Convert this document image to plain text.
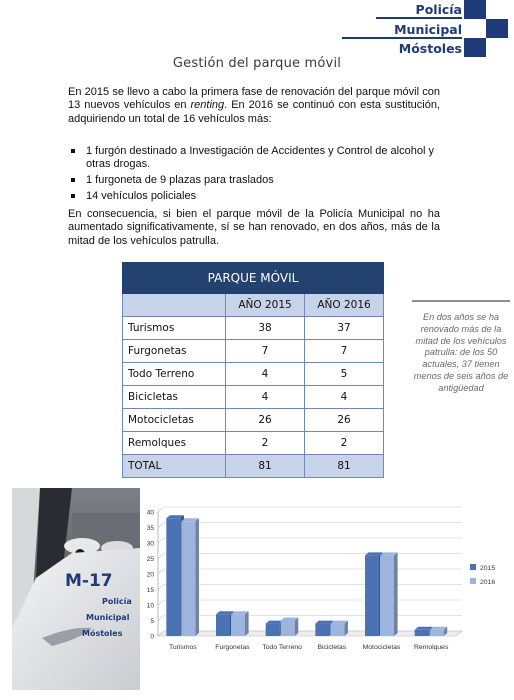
Policía
Municipal
Móstoles
Gestión del parque móvil

En 2015 se llevo a cabo la primera fase de renovación del parque móvil con 13 nuevos vehículos en renting. En 2016 se continuó con esta sustitución, adquiriendo un total de 16 vehículos más:

1 furgón destinado a Investigación de Accidentes y Control de alcohol y otras drogas.
1 furgoneta de 9 plazas para traslados
14 vehículos policiales

En consecuencia, si bien el parque móvil de la Policía Municipal no ha aumentado significativamente, sí se han renovado, en dos años, más de la mitad de los vehículos patrulla.

PARQUE MÓVIL		
	AÑO 2015	AÑO 2016
Turismos	38	37
Furgonetas	7	7
Todo Terreno	4	5
Bicicletas	4	4
Motocicletas	26	26
Remolques	2	2
TOTAL	81	81
En dos años se ha renovado más de la mitad de los vehículos patrulla: de los 50 actuales, 37 tienen menos de seis años de antigüedad
M-17
Policía
Municipal
Móstoles	0
5
10
15
20
25
30
35
40
Turismos	Furgonetas Todo Terreno Bicicletas Motocicletas Remolques
2015
2016
